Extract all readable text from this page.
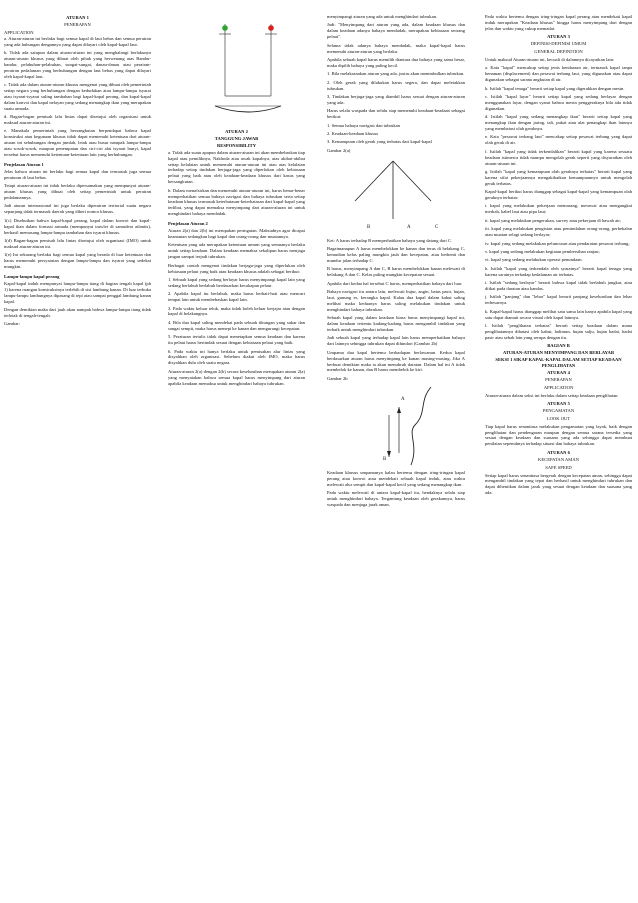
ATURAN 1
PENERAPAN
APPLICATION

a. Aturan-aturan ini berlaku bagi semua kapal di laut bebas dan semua perairan yang ada hubungan dengannya yang dapat dilayari oleh kapal-kapal laut.

b. Tidak ada satupun dalam aturan-aturan ini yang menghalangi berlakunya aturan-aturan khusus yang dibuat oleh pihak yang berwenang atas Bandar-bandar, pelabuhan-pelabuhan, sungai-sungai, danau-danau atau perairan-perairan pedalaman yang berhubungan dengan laut bebas yang dapat dilayari oleh kapal-kapal laut.

c. Tidak ada dalam aturan-aturan khusus mengenai yang dibuat oleh pemerintah setiap negara yang berhubungan dengan kedudukan atau lampu-lampu isyarat atau isyarat-isyarat suling tambahan bagi kapal-kapal perang, dan kapal-kapal dalam konvoi dan kapal nelayan yang sedang menangkap ikan yang merupakan suatu armada.

d. Bagan-bagan pemisah lalu lintas dapat disetujui oleh organisasi untuk maksud aturan-aturan ini.

e. Manakala pemerintah yang bersangkutan berpendapat bahwa kapal konstruksi atau kegunaan khusus tidak dapat memenuhi ketentuan dari aturan-aturan ini sehubungan dengan jumlah, letak atau busur nampak lampu-lampu atau sosok-sosok, maupun penempatan dan ciri-ciri alat isyarat bunyi, kapal tersebut harus memenuhi ketentuan-ketentuan lain yang berhubungan.

Penjelasan Aturan 1

Jelas bahwa aturan ini berlaku bagi semua kapal dan termasuk juga semua peraturan di laut bebas.

Tetapi aturan-aturan ini tidak berlaku dipersamakan yang mempunyai aturan-aturan khusus yang dibuat oleh setiap pemerintah untuk perairan pedalamannya.

Jadi aturan internasional ini juga berlaku diperairan teritorial suatu negara sepanjang tidak termasuk daerah yang diberi nomor khusus.

1(c) Disebutkan bahwa kapal-kapal perang, kapal dalam konvoi dan kapal-kapal ikan dalam formasi armada (mempunyai trawler di samudera atlantis), berhasil memasang lampu-lampu tambahan dan isyarat khusus.

1(d) Bagan-bagan pemisah lalu lintas disetujui oleh organisasi (IMO) untuk maksud aturan-aturan ini.

1(e) Ini sekarang berlaku bagi semua kapal yang berada di luar ketentuan dan harus memenuhi persyaratan dengan lampu-lampu dan isyarat yang sedekat mungkin.

Lampu-lampu kapal perang

Kapal-kapal induk mempunyai lampu-lampu tiang di bagian tengah kapal (ph 1) karena ruangan konstruksinya terlebih di sisi lambung kanan. Di luar terbuka lampu-lampu lambungnya dipasang di tepi atau sampai penggal lambung kanan kapal.

Dengan demikian maka dari jauh akan nampak bahwa lampu-lampu tiang tidak terletak di tengah-tengah.

Gambar:
ATURAN 2
TANGGUNG JAWAB
RESPONSIBILITY

a. Tidak ada suatu apapun dalam aturan-aturan ini akan membebaskan tiap kapal atau pemiliknya, Nakhoda atau awak kapalnya, atas akibat-akibat setiap kelalaian untuk memenuhi aturan-aturan ini atau atas kelalaian terhadap setiap tindakan berjaga-jaga yang diperlukan oleh kebiasaan pelaut yang baik atau oleh keadaan-keadaan khusus dari kasus yang bersangkutan.

b. Dalam menafsirkan dan memenuhi aturan-aturan ini, harus benar-benar memperhatikan semua bahaya navigasi dan bahaya tubrukan serta setiap keadaan khusus termasuk keterbatasan-keterbatasan dari kapal-kapal yang terlibat, yang dapat memaksa menyimpang dari aturan-aturan ini untuk menghindari bahaya mendadak.

Penjelasan Aturan 2

Aturan 2(a) dan 2(b) ini merupakan peringatan. Maksudnya agar dicapai keamanan sedangkan bagi kapal dan orang-orang dan muatannya.

Ketentuan yang ada merupakan ketentuan umum yang semuanya berlaku untuk setiap keadaan. Dalam keadaan memaksa sekalipun harus menjaga jangan sampai terjadi tubrukan.

Berbagai contoh mengenai tindakan berjaga-jaga yang diperlukan oleh kebiasaan pelaut yang baik atau keadaan khusus adalah sebagai berikut:

1. Sebuah kapal yang sedang berlayar harus menyimpangi kapal lain yang sedang berlabuh berlabuh berdasarkan kecakapan pelaut.

2. Apabila kapal itu berlabuh, maka harus berhati-hati atau mencari tempat lain untuk membebaskan kapal lain.

3. Pada waktu keluar teluk, maka tidak boleh keluar berjajar atau dengan kapal di belakangnya.

4. Bila dua kapal saling mendekat pada sebuah tikungan yang sukar dan sangat sempit, maka harus menepi ke kanan dan mengurangi kecepatan.

5. Peraturan tertulis tidak dapat menetapkan semua keadaan dan karena itu pelaut harus bertindak sesuai dengan kebiasaan pelaut yang baik.

6. Pada waktu ini hanya berlaku untuk pemisahan alur lintas yang disyahkan oleh organisasi. Sebelum diakui oleh IMO, maka harus disyahkan dulu oleh suatu negara.

Aturan-aturan 2(a) dengan 2(b) secara keseluruhan merupakan aturan 2(a) yang menyatakan bahwa semua kapal harus menyimpang dari aturan apabila keadaan memaksa untuk menghindari bahaya tubrukan.

menyimpangi aturan yang ada untuk menghindari tubrukan.

Jadi: "Menyimpang dari aturan yang ada, dalam keadaan khusus dan dalam keadaan adanya bahaya mendadak, merupakan kebiasaan seorang pelaut".

Selama tidak adanya bahaya mendadak, maka kapal-kapal harus memenuhi aturan-aturan yang berlaku.

Apabila sebuah kapal harus memilih diantara dua bahaya yang sama besar, maka dipilih bahaya yang paling kecil.

1. Bila melaksanakan aturan yang ada, justru akan menimbulkan tubrukan.

2. Oleh gerak yang dilakukan harus segera, dan dapat meletakkan tubrukan.

3. Tindakan berjaga-jaga yang diambil harus sesuai dengan aturan-aturan yang ada.

Harus selalu waspada dan selalu siap memenuhi keadaan-keadaan sebagai berikut:

1. Semua bahaya navigasi dan tubrukan

2. Keadaan-keadaan khusus

3. Kemampuan oleh gerak yang terbatas dari kapal-kapal

Gambar 2(a)
B	A	C

Ket: A harus terhadap B memperhatikan bahaya yang datang dari C.

Bagaimanapun A harus membelokkan ke kanan dan terus di belakang C, kemudian kelas paling mungkin jauh dan kecepatan, atau berhenti dan mundur jalan terhadap C.

B harus, menyimpang A dan C, B harus membelokkan kanan melewati di belakang A dan C. Kelas paling mungkin kecepatan sesuai.

Apabila dari kedua hal tersebut C harus, memperhatikan bahaya dari luar.

Bahaya navigasi itu antara lain, melewati bujur, angin, batas pasir, hujan, laut, gunung es, kerangka kapal. Kalau dua kapal dalam kabut saling melihat maka keduanya harus saling melakukan tindakan untuk menghindari bahaya tubrukan.

Sebuah kapal yang dalam keadaan biasa harus menyimpangi kapal ini, dalam keadaan tertentu kadang-kadang harus mengambil tindakan yang terbaik untuk menghindari tubrukan.

Jadi sebuah kapal yang terhadap kapal lain harus memperhatikan bahaya dari lainnya sehingga tubrukan dapat dihindari (Gambar 2b)

Umpama dua kapal bertemu berhadapan berlawanan. Kedua kapal berdasarkan aturan harus menyimpang ke kanan masing-masing. Jika A berbuat demikian maka ia akan menubruk daratan. Dalam hal ini A tidak membelok ke kanan, dan B harus membelok ke kiri.

Gambar 2b
A
B

Keadaan khusus umpamanya kalau bertemu dengan iring-iringan kapal perang atau konvoi atau mendekati sebuah kapal induk, atau waktu melewati alur sempit dan kapal-kapal kecil yang sedang menangkap ikan.

Pada waktu melewati di antara kapal-kapal itu, hendaknya selalu siap untuk menghindari bahaya. Tergantung keadaan oleh gerakannya, harus waspada dan menjaga jarak aman.

Pada waktu bertemu dengan iring-iringan kapal perang atau mendekati kapal induk merupakan "Keadaan khusus" hingga harus menyimpang dari dengan jelas dan waktu yang cukup memadai.

ATURAN 3
DEFINISI-DEFINISI UMUM
GENERAL DEFINITION

Untuk maksud Aturan-aturan ini, kecuali di dalamnya dicayatkan lain:

a. Kata "kapal" mencakup setiap jenis kendaraan air, termasuk kapal tanpa benaman (displacement) dan pesawat terbang laut, yang digunakan atau dapat digunakan sebagai sarana angkutan di air.

b. Istilah "kapal tenaga" berarti setiap kapal yang digerakkan dengan mesin.

c. Istilah "kapal layar" berarti setiap kapal yang sedang berlayar dengan menggunakan layar, dengan syarat bahwa mesin penggeraknya bila ada tidak digunakan.

d. Istilah "kapal yang sedang menangkap ikan" berarti setiap kapal yang menangkap ikan dengan jaring, tali, pukat atau alat penangkap ikan lainnya yang membatasi olah geraknya.

e. Kata "pesawat terbang laut" mencakup setiap pesawat terbang yang dapat olah gerak di air.

f. Istilah "kapal yang tidak terkendalikan" berarti kapal yang karena sesuatu keadaan istimewa tidak mampu mengolah gerak seperti yang disyaratkan oleh aturan-aturan ini.

g. Istilah "kapal yang kemampuan olah geraknya terbatas" berarti kapal yang karena sifat pekerjaannya mengakibatkan kemampuannya untuk mengolah gerak terbatas.

Kapal-kapal berikut harus dianggap sebagai kapal-kapal yang kemampuan olah geraknya terbatas:

i. kapal yang melakukan pekerjaan memasang, merawat atau mengangkat merkah, kabel laut atau pipa laut;

ii. kapal yang melakukan pengerukan, survey atau pekerjaan di bawah air;

iii. kapal yang melakukan pengisian atau pemindahan orang-orang, perbekalan atau muatan selagi sedang berlayar;

iv. kapal yang sedang melakukan peluncuran atau pendaratan pesawat terbang;

v. kapal yang sedang melakukan kegiatan pembersihan ranjau;

vi. kapal yang sedang melakukan operasi penundaan.

h. Istilah "kapal yang terkendala oleh syaratnya" berarti kapal tenaga yang karena saratnya terhadap kedalaman air terbatas.

i. Istilah "sedang berlayar" berarti bahwa kapal tidak berlabuh jangkar, atau diikat pada daratan atau kandas.

j. Istilah "panjang" dan "lebar" kapal berarti panjang keseluruhan dan lebar terbesarnya.

k. Kapal-kapal harus dianggap melihat satu sama lain hanya apabila kapal yang satu dapat diamati secara visual oleh kapal lainnya.

l. Istilah "penglihatan terbatas" berarti setiap keadaan dalam mana penglihatannya dibatasi oleh kabut, halimun, hujan salju, hujan badai, badai pasir atau sebab lain yang serupa dengan itu.

BAGIAN B
ATURAN-ATURAN MENYIMPANG DAN BERLAYAR
SEKSI 1 SIKAP KAPAL-KAPAL DALAM SETIAP KEADAAN PENGLIHATAN
ATURAN 4
PENERAPAN
APPLICATION

Aturan-aturan dalam seksi ini berlaku dalam setiap keadaan penglihatan.

ATURAN 5
PENGAMATAN
LOOK OUT

Tiap kapal harus senantiasa melakukan pengamatan yang layak, baik dengan penglihatan dan pendengaran maupun dengan semua sarana tersedia yang sesuai dengan keadaan dan suasana yang ada sehingga dapat membuat penilaian sepenuhnya terhadap situasi dan bahaya tubrukan.

ATURAN 6
KECEPATAN AMAN
SAFE SPEED

Setiap kapal harus senantiasa bergerak dengan kecepatan aman, sehingga dapat mengambil tindakan yang tepat dan berhasil untuk menghindari tubrukan dan dapat dihentikan dalam jarak yang sesuai dengan keadaan dan suasana yang ada.
